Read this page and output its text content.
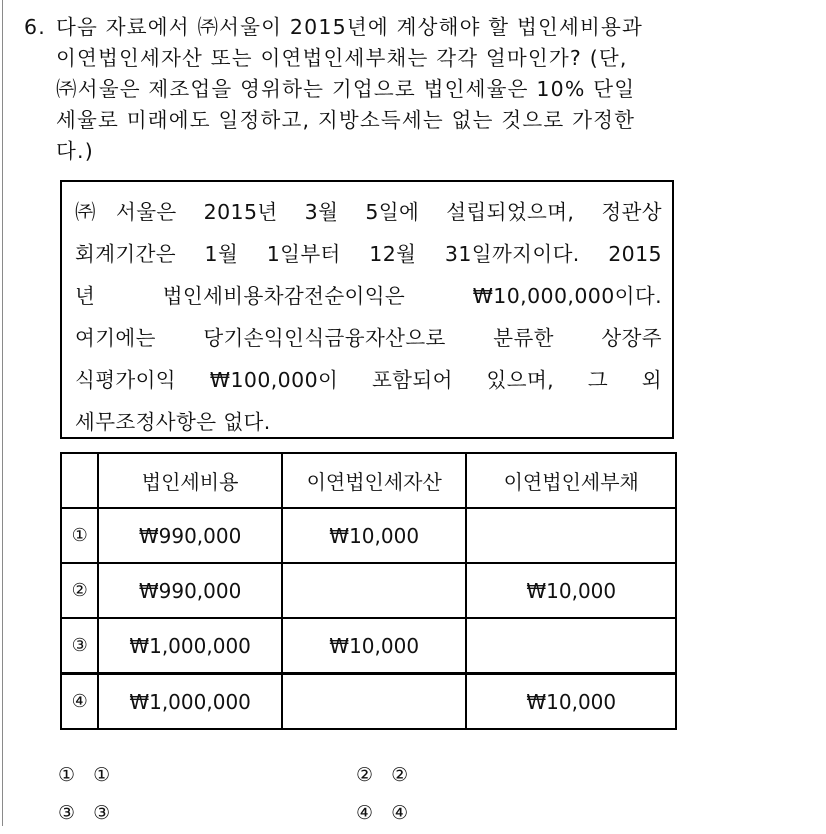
6. 다음 자료에서 ㈜서울이 2015년에 계상해야 할 법인세비용과
이연법인세자산 또는 이연법인세부채는 각각 얼마인가? (단,
㈜서울은 제조업을 영위하는 기업으로 법인세율은 10% 단일
세율로 미래에도 일정하고, 지방소득세는 없는 것으로 가정한
다.)
㈜서울은 2015년 3월 5일에 설립되었으며, 정관상
회계기간은 1월 1일부터 12월 31일까지이다. 2015
년 법인세비용차감전순이익은 ₩10,000,000이다.
여기에는 당기손익인식금융자산으로 분류한 상장주
식평가이익 ₩100,000이 포함되어 있으며, 그 외
세무조정사항은 없다.
	법인세비용	이연법인세자산	이연법인세부채
①	₩990,000	₩10,000	
②	₩990,000		₩10,000
③	₩1,000,000	₩10,000	
④	₩1,000,000		₩10,000
① ①	② ②
③ ③	④ ④
